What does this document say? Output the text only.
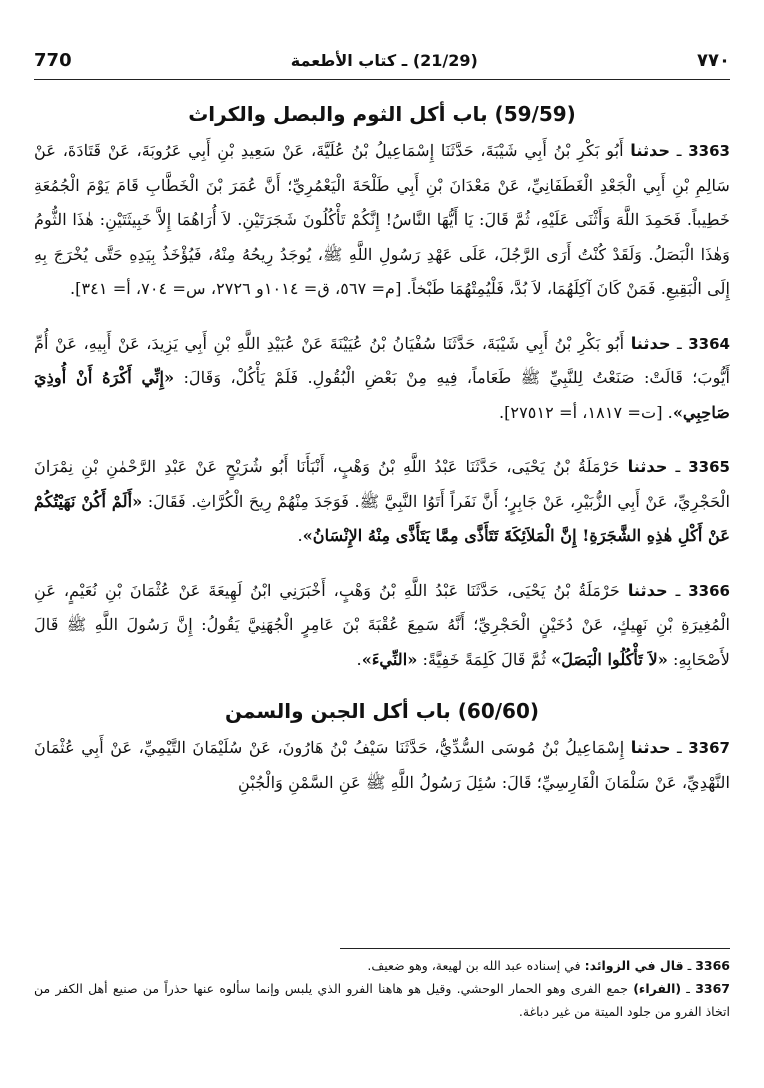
٧٧٠
(21/29) ـ كتاب الأطعمة
770
(59/59) باب أكل الثوم والبصل والكراث

3363 ـ حدثنا أَبُو بَكْرِ بْنُ أَبِي شَيْبَةَ، حَدَّثَنَا إِسْمَاعِيلُ بْنُ عُلَيَّةَ، عَنْ سَعِيدِ بْنِ أَبِي عَرُوبَةَ، عَنْ قَتَادَةَ، عَنْ سَالِمِ بْنِ أَبِي الْجَعْدِ الْغَطَفَانِيِّ، عَنْ مَعْدَانَ بْنِ أَبِي طَلْحَةَ الْيَعْمُرِيِّ؛ أَنَّ عُمَرَ بْنَ الْخَطَّابِ قَامَ يَوْمَ الْجُمُعَةِ خَطِيباً. فَحَمِدَ اللَّهَ وَأَثْنَى عَلَيْهِ، ثُمَّ قَالَ: يَا أَيُّهَا النَّاسُ! إِنَّكُمْ تَأْكُلُونَ شَجَرَتَيْنِ. لاَ أُرَاهُمَا إِلاَّ خَبِيثَتَيْنِ: هٰذَا الثُّومُ وَهٰذَا الْبَصَلُ. وَلَقَدْ كُنْتُ أَرَى الرَّجُلَ، عَلَى عَهْدِ رَسُولِ اللَّهِ ﷺ، يُوجَدُ رِيحُهُ مِنْهُ، فَيُؤْخَذُ بِيَدِهِ حَتَّى يُخْرَجَ بِهِ إِلَى الْبَقِيعِ. فَمَنْ كَانَ آكِلَهُمَا، لاَ بُدَّ، فَلْيُمِتْهُمَا طَبْخاً. [م= ٥٦٧، ق= ١٠١٤و ٢٧٢٦، س= ٧٠٤، أ= ٣٤١].

3364 ـ حدثنا أَبُو بَكْرِ بْنُ أَبِي شَيْبَةَ، حَدَّثَنَا سُفْيَانُ بْنُ عُيَيْنَةَ عَنْ عُبَيْدِ اللَّهِ بْنِ أَبِي يَزِيدَ، عَنْ أَبِيهِ، عَنْ أُمِّ أَيُّوبَ؛ قَالَتْ: صَنَعْتُ لِلنَّبِيِّ ﷺ طَعَاماً، فِيهِ مِنْ بَعْضِ الْبُقُولِ. فَلَمْ يَأْكُلْ، وَقَالَ: «إِنِّي أَكْرَهُ أَنْ أُوذِيَ صَاحِبِي». [ت= ١٨١٧، أ= ٢٧٥١٢].

3365 ـ حدثنا حَرْمَلَةُ بْنُ يَحْيَى، حَدَّثَنَا عَبْدُ اللَّهِ بْنُ وَهْبٍ، أَنْبَأَنَا أَبُو شُرَيْحٍ عَنْ عَبْدِ الرَّحْمٰنِ بْنِ نِمْرَانَ الْحَجْرِيِّ، عَنْ أَبِي الزُّبَيْرِ، عَنْ جَابِرٍ؛ أَنَّ نَفَراً أَتَوُا النَّبِيَّ ﷺ. فَوَجَدَ مِنْهُمْ رِيحَ الْكُرَّاثِ. فَقَالَ: «أَلَمْ أَكُنْ نَهَيْتُكُمْ عَنْ أَكْلِ هٰذِهِ الشَّجَرَةِ! إِنَّ الْمَلاَئِكَةَ تَتَأَذَّى مِمَّا يَتَأَذَّى مِنْهُ الإِنْسَانُ».

3366 ـ حدثنا حَرْمَلَةُ بْنُ يَحْيَى، حَدَّثَنَا عَبْدُ اللَّهِ بْنُ وَهْبٍ، أَخْبَرَنِي ابْنُ لَهِيعَةَ عَنْ عُثْمَانَ بْنِ نُعَيْمٍ، عَنِ الْمُغِيرَةِ بْنِ نَهِيكٍ، عَنْ دُخَيْنٍ الْحَجْرِيِّ؛ أَنَّهُ سَمِعَ عُقْبَةَ بْنَ عَامِرٍ الْجُهَنِيَّ يَقُولُ: إِنَّ رَسُولَ اللَّهِ ﷺ قَالَ لأَصْحَابِهِ: «لاَ تَأْكُلُوا الْبَصَلَ» ثُمَّ قَالَ كَلِمَةً خَفِيَّةً: «النِّيءَ».

(60/60) باب أكل الجبن والسمن

3367 ـ حدثنا إِسْمَاعِيلُ بْنُ مُوسَى السُّدِّيُّ، حَدَّثَنَا سَيْفُ بْنُ هَارُونَ، عَنْ سُلَيْمَانَ التَّيْمِيِّ، عَنْ أَبِي عُثْمَانَ النَّهْدِيِّ، عَنْ سَلْمَانَ الْفَارِسِيِّ؛ قَالَ: سُئِلَ رَسُولُ اللَّهِ ﷺ عَنِ السَّمْنِ وَالْجُبْنِ

3366 ـ قال في الزوائد: في إسناده عبد الله بن لهيعة، وهو ضعيف.
3367 ـ (الفراء) جمع الفرى وهو الحمار الوحشي. وقيل هو هاهنا الفرو الذي يلبس وإنما سألوه عنها حذراً من صنيع أهل الكفر من اتخاذ الفرو من جلود الميتة من غير دباغة.
